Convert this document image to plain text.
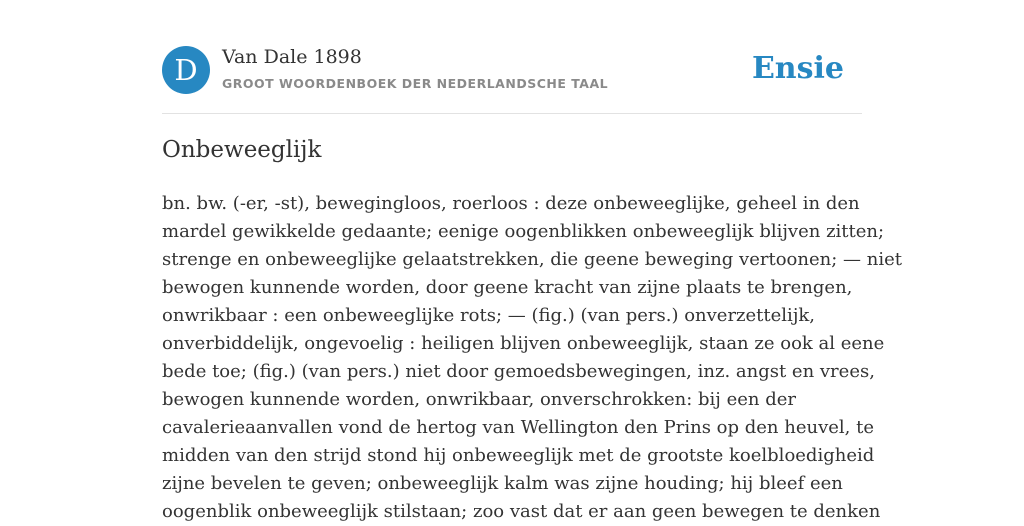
D	Van Dale 1898
GROOT WOORDENBOEK DER NEDERLANDSCHE TAAL	Ensie
Onbeweeglijk
bn. bw. (-er, -st), bewegingloos, roerloos : deze onbeweeglijke, geheel in den
mardel gewikkelde gedaante; eenige oogenblikken onbeweeglijk blijven zitten;
strenge en onbeweeglijke gelaatstrekken, die geene beweging vertoonen; — niet
bewogen kunnende worden, door geene kracht van zijne plaats te brengen,
onwrikbaar : een onbeweeglijke rots; — (fig.) (van pers.) onverzettelijk,
onverbiddelijk, ongevoelig : heiligen blijven onbeweeglijk, staan ze ook al eene
bede toe; (fig.) (van pers.) niet door gemoedsbewegingen, inz. angst en vrees,
bewogen kunnende worden, onwrikbaar, onverschrokken: bij een der
cavalerieaanvallen vond de hertog van Wellington den Prins op den heuvel, te
midden van den strijd stond hij onbeweeglijk met de grootste koelbloedigheid
zijne bevelen te geven; onbeweeglijk kalm was zijne houding; hij bleef een
oogenblik onbeweeglijk stilstaan; zoo vast dat er aan geen bewegen te denken
